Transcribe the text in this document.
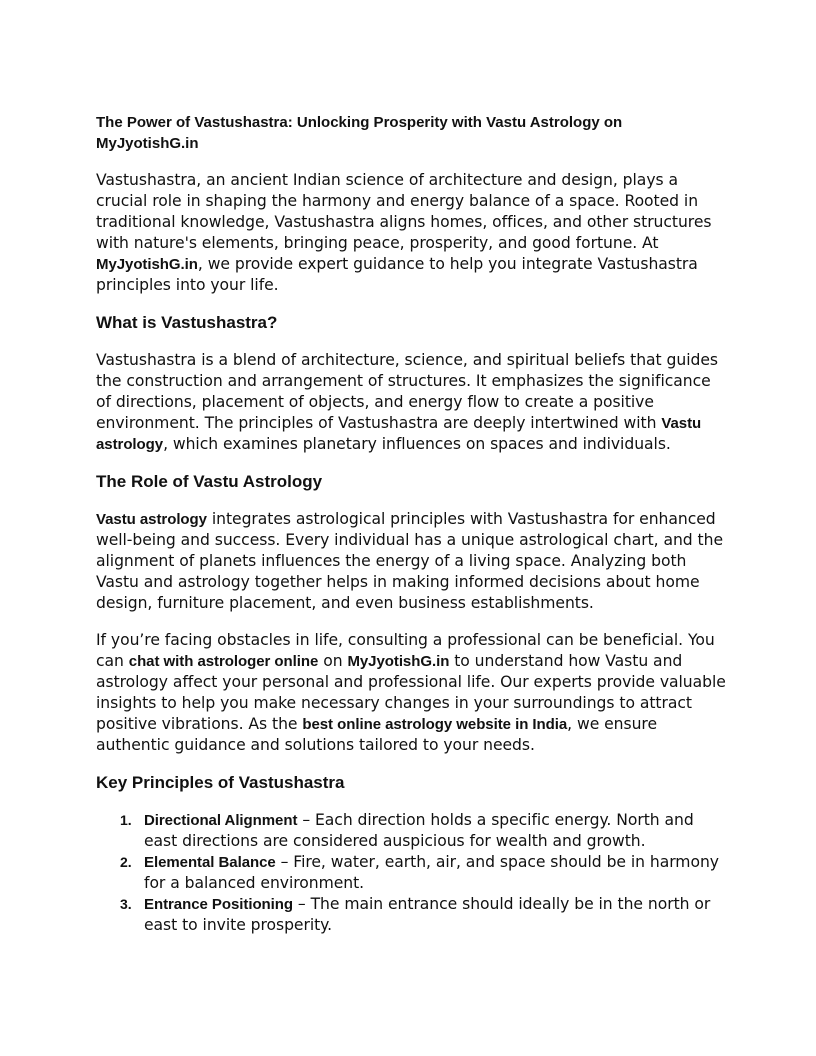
The Power of Vastushastra: Unlocking Prosperity with Vastu Astrology on MyJyotishG.in

Vastushastra, an ancient Indian science of architecture and design, plays a crucial role in shaping the harmony and energy balance of a space. Rooted in traditional knowledge, Vastushastra aligns homes, offices, and other structures with nature's elements, bringing peace, prosperity, and good fortune. At MyJyotishG.in, we provide expert guidance to help you integrate Vastushastra principles into your life.

What is Vastushastra?

Vastushastra is a blend of architecture, science, and spiritual beliefs that guides the construction and arrangement of structures. It emphasizes the significance of directions, placement of objects, and energy flow to create a positive environment. The principles of Vastushastra are deeply intertwined with Vastu astrology, which examines planetary influences on spaces and individuals.

The Role of Vastu Astrology

Vastu astrology integrates astrological principles with Vastushastra for enhanced well-being and success. Every individual has a unique astrological chart, and the alignment of planets influences the energy of a living space. Analyzing both Vastu and astrology together helps in making informed decisions about home design, furniture placement, and even business establishments.

If you’re facing obstacles in life, consulting a professional can be beneficial. You can chat with astrologer online on MyJyotishG.in to understand how Vastu and astrology affect your personal and professional life. Our experts provide valuable insights to help you make necessary changes in your surroundings to attract positive vibrations. As the best online astrology website in India, we ensure authentic guidance and solutions tailored to your needs.

Key Principles of Vastushastra
1. Directional Alignment – Each direction holds a specific energy. North and east directions are considered auspicious for wealth and growth.
2. Elemental Balance – Fire, water, earth, air, and space should be in harmony for a balanced environment.
3. Entrance Positioning – The main entrance should ideally be in the north or east to invite prosperity.
